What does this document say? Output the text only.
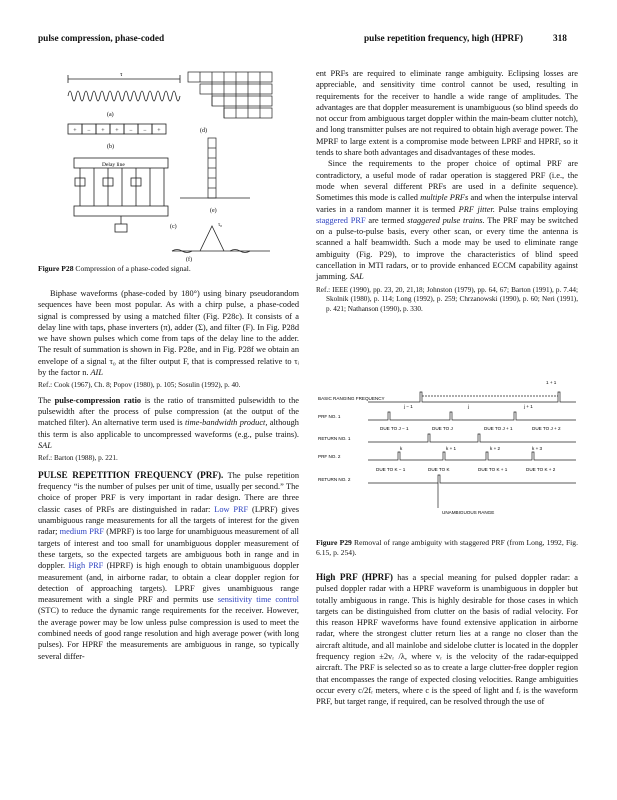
pulse compression, phase-coded	pulse repetition frequency, high (HPRF)	318
τ
(a)
+ − + + − − +
(b)
Delay line
(c)
(d)
(e)
τ₀
(f)
Figure P28 Compression of a phase-coded signal.

Biphase waveforms (phase-coded by 180°) using binary pseudorandom sequences have been most popular. As with a chirp pulse, a phase-coded signal is compressed by using a matched filter (Fig. P28c). It consists of a delay line with taps, phase inverters (π), adder (Σ), and filter (F). In Fig. P28d we have shown pulses which come from taps of the delay line to the adder. The result of summation is shown in Fig. P28e, and in Fig. P28f we obtain an envelope of a signal τ₀ at the filter output F, that is compressed relative to τᵢ by the factor n. AIL

Ref.: Cook (1967), Ch. 8; Popov (1980), p. 105; Sosulin (1992), p. 40.

The pulse-compression ratio is the ratio of transmitted pulsewidth to the pulsewidth after the process of pulse compression (at the output of the matched filter). An alternative term used is time-bandwidth product, although this term is also applicable to uncompressed waveforms (e.g., pulse trains). SAL

Ref.: Barton (1988), p. 221.

PULSE REPETITION FREQUENCY (PRF). The pulse repetition frequency “is the number of pulses per unit of time, usually per second.” The choice of proper PRF is very important in radar design. There are three classic cases of PRFs are distinguished in radar: Low PRF (LPRF) gives unambiguous range measurements for all the targets of interest for the given radar; medium PRF (MPRF) is too large for unambiguous measurement of all targets of interest and too small for unambiguous doppler measurement of these targets, so the expected targets are ambiguous both in range and in doppler. High PRF (HPRF) is high enough to obtain unambiguous doppler measurement (and, in airborne radar, to obtain a clear doppler region for detection of approaching targets). LPRF gives unambiguous range measurement with a single PRF and permits use sensitivity time control (STC) to reduce the dynamic range requirements for the receiver. However, the average power may be low unless pulse compression is used to meet the combined needs of good range resolution and high average power (with long pulses). For HPRF the measurements are ambiguous in range, so typically several differ-

ent PRFs are required to eliminate range ambiguity. Eclipsing losses are appreciable, and sensitivity time control cannot be used, resulting in requirements for the receiver to handle a wide range of amplitudes. The advantages are that doppler measurement is unambiguous (so blind speeds do not occur from ambiguous target doppler within the main-beam clutter notch), and long transmitter pulses are not required to obtain high average power. The MPRF to large extent is a compromise mode between LPRF and HPRF, so it tends to share both advantages and disadvantages of these modes.

Since the requirements to the proper choice of optimal PRF are contradictory, a useful mode of radar operation is staggered PRF (i.e., the mode when several different PRFs are used in a definite sequence). Sometimes this mode is called multiple PRFs and when the interpulse interval varies in a random manner it is termed PRF jitter. Pulse trains employing staggered PRF are termed staggered pulse trains. The PRF may be switched on a pulse-to-pulse basis, every other scan, or every time the antenna is scanned a half beamwidth. Such a mode may be used to eliminate range ambiguity (Fig. P29), to improve the characteristics of blind speed cancellation in MTI radars, or to provide enhanced ECCM capability against jamming. SAL

Ref.: IEEE (1990), pp. 23, 20, 21,18; Johnston (1979), pp. 64, 67; Barton (1991), p. 7.44; Skolnik (1980), p. 114; Long (1992), p. 259; Chrzanowski (1990), p. 60; Neri (1991), p. 421; Nathanson (1990), p. 330.

BASIC RANGING FREQUENCY
PRF NO. 1
RETURN NO. 1
PRF NO. 2
RETURN NO. 2
1 + 1
j − 1	j	j + 1
DUE TO J − 1	DUE TO J	DUE TO J + 1	DUE TO J + 2
k	k + 1	k + 2	k + 3
DUE TO K − 1	DUE TO K	DUE TO K + 1	DUE TO K + 2
UNAMBIGUOUS RANGE
Figure P29 Removal of range ambiguity with staggered PRF (from Long, 1992, Fig. 6.15, p. 254).

High PRF (HPRF) has a special meaning for pulsed doppler radar: a pulsed doppler radar with a HPRF waveform is unambiguous in doppler but totally ambiguous in range. This is highly desirable for those cases in which targets can be distinguished from clutter on the basis of radial velocity. For this reason HPRF waveforms have found extensive application in airborne radar, where the strongest clutter return lies at a range no closer than the aircraft altitude, and all mainlobe and sidelobe clutter is located in the doppler frequency region ±2vᵣ /λ, where vᵣ is the velocity of the radar-equipped aircraft. The PRF is selected so as to create a large clutter-free doppler region that encompasses the range of expected closing velocities. Range ambiguities occur every c/2fᵣ meters, where c is the speed of light and fᵣ is the waveform PRF, but target range, if required, can be resolved through the use of
